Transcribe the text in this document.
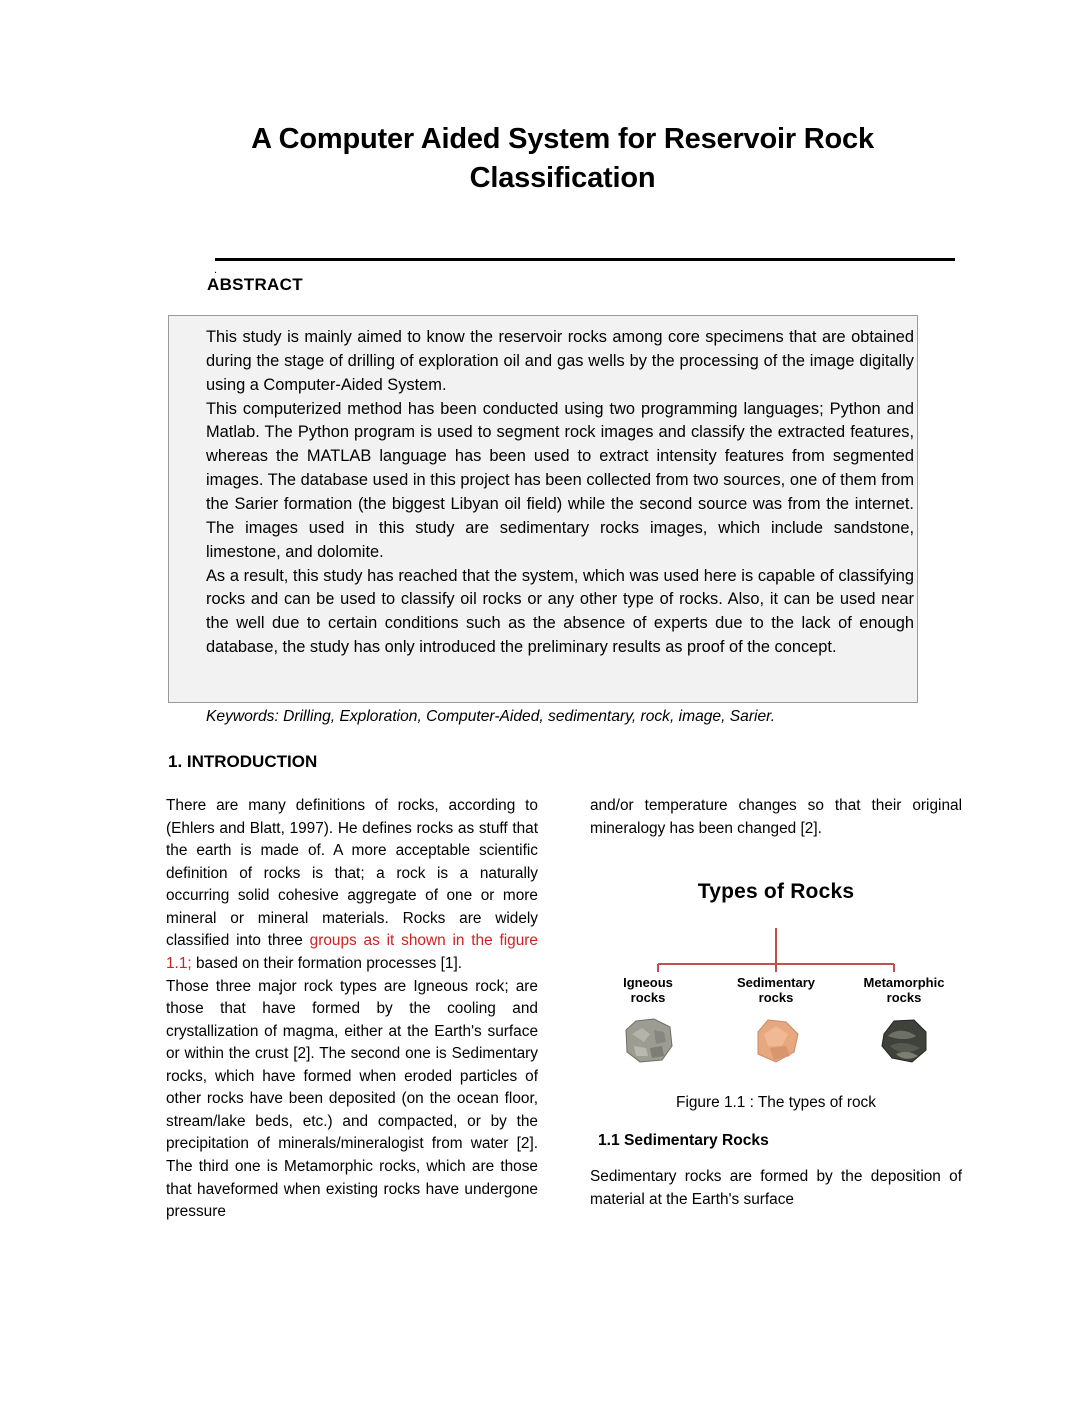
A Computer Aided System for Reservoir Rock Classification
.
ABSTRACT

This study is mainly aimed to know the reservoir rocks among core specimens that are obtained during the stage of drilling of exploration oil and gas wells by the processing of the image digitally using a Computer-Aided System.

This computerized method has been conducted using two programming languages; Python and Matlab. The Python program is used to segment rock images and classify the extracted features, whereas the MATLAB language has been used to extract intensity features from segmented images. The database used in this project has been collected from two sources, one of them from the Sarier formation (the biggest Libyan oil field) while the second source was from the internet. The images used in this study are sedimentary rocks images, which include sandstone, limestone, and dolomite.

As a result, this study has reached that the system, which was used here is capable of classifying rocks and can be used to classify oil rocks or any other type of rocks. Also, it can be used near the well due to certain conditions such as the absence of experts due to the lack of enough database, the study has only introduced the preliminary results as proof of the concept.

Keywords: Drilling, Exploration, Computer-Aided, sedimentary, rock, image, Sarier.
1. INTRODUCTION

There are many definitions of rocks, according to (Ehlers and Blatt, 1997). He defines rocks as stuff that the earth is made of. A more acceptable scientific definition of rocks is that; a rock is a naturally occurring solid cohesive aggregate of one or more mineral or mineral materials. Rocks are widely classified into three groups as it shown in the figure 1.1; based on their formation processes [1].

Those three major rock types are Igneous rock; are those that have formed by the cooling and crystallization of magma, either at the Earth's surface or within the crust [2]. The second one is Sedimentary rocks, which have formed when eroded particles of other rocks have been deposited (on the ocean floor, stream/lake beds, etc.) and compacted, or by the precipitation of minerals/mineralogist from water [2]. The third one is Metamorphic rocks, which are those that haveformed when existing rocks have undergone pressure

and/or temperature changes so that their original mineralogy has been changed [2].

Types of Rocks
Igneous
rocks
Sedimentary
rocks
Metamorphic
rocks
Figure 1.1 : The types of rock
1.1 Sedimentary Rocks
Sedimentary rocks are formed by the deposition of material at the Earth's surface
